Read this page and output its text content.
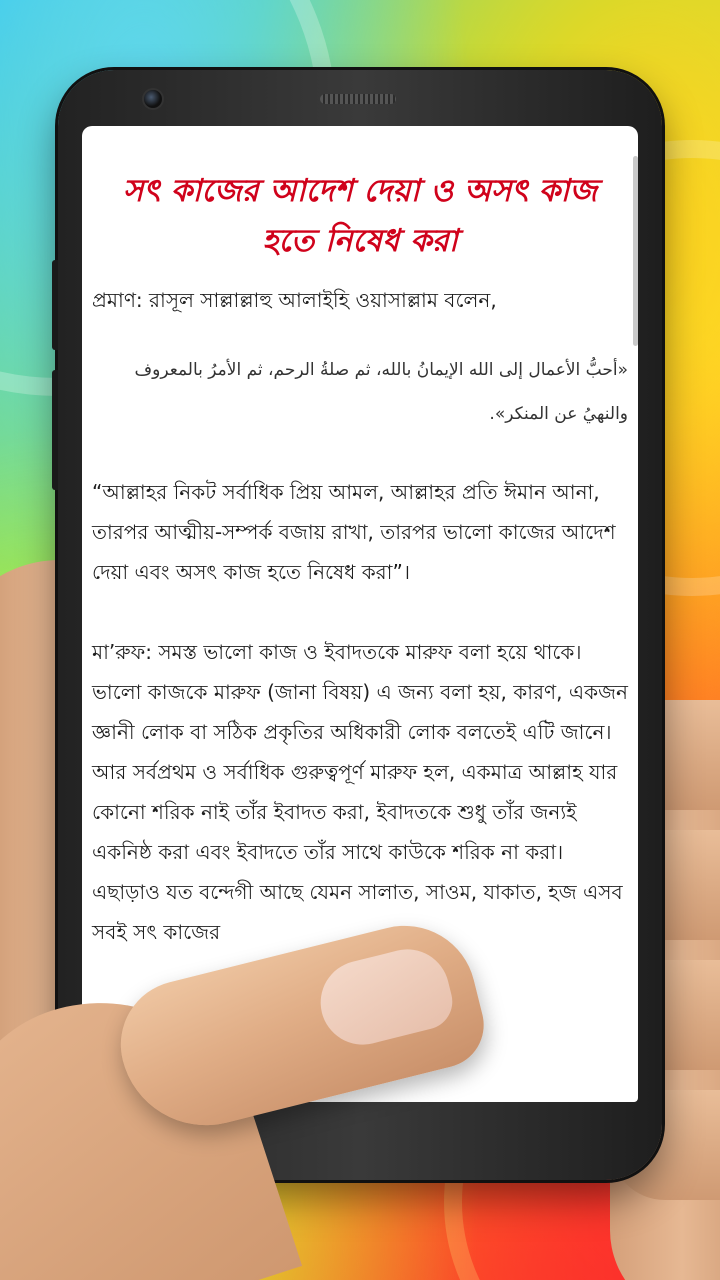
সৎ কাজের আদেশ দেয়া ও অসৎ কাজ হতে নিষেধ করা

প্রমাণ: রাসূল সাল্লাল্লাহু আলাইহি ওয়াসাল্লাম বলেন,

«أحبُّ الأعمال إلى الله الإيمانُ بالله، ثم صلةُ الرحم، ثم الأمرُ بالمعروف والنهيُ عن المنكر».

“আল্লাহর নিকট সর্বাধিক প্রিয় আমল, আল্লাহর প্রতি ঈমান আনা, তারপর আত্মীয়-সম্পর্ক বজায় রাখা, তারপর ভালো কাজের আদেশ দেয়া এবং অসৎ কাজ হতে নিষেধ করা”।

মা’রুফ: সমস্ত ভালো কাজ ও ইবাদতকে মারুফ বলা হয়ে থাকে। ভালো কাজকে মারুফ (জানা বিষয়) এ জন্য বলা হয়, কারণ, একজন জ্ঞানী লোক বা সঠিক প্রকৃতির অধিকারী লোক বলতেই এটি জানে। আর সর্বপ্রথম ও সর্বাধিক গুরুত্বপূর্ণ মারুফ হল, একমাত্র আল্লাহ যার কোনো শরিক নাই তাঁর ইবাদত করা, ইবাদতকে শুধু তাঁর জন্যই একনিষ্ঠ করা এবং ইবাদতে তাঁর সাথে কাউকে শরিক না করা। এছাড়াও যত বন্দেগী আছে যেমন সালাত, সাওম, যাকাত, হজ এসব সবই সৎ কাজের
